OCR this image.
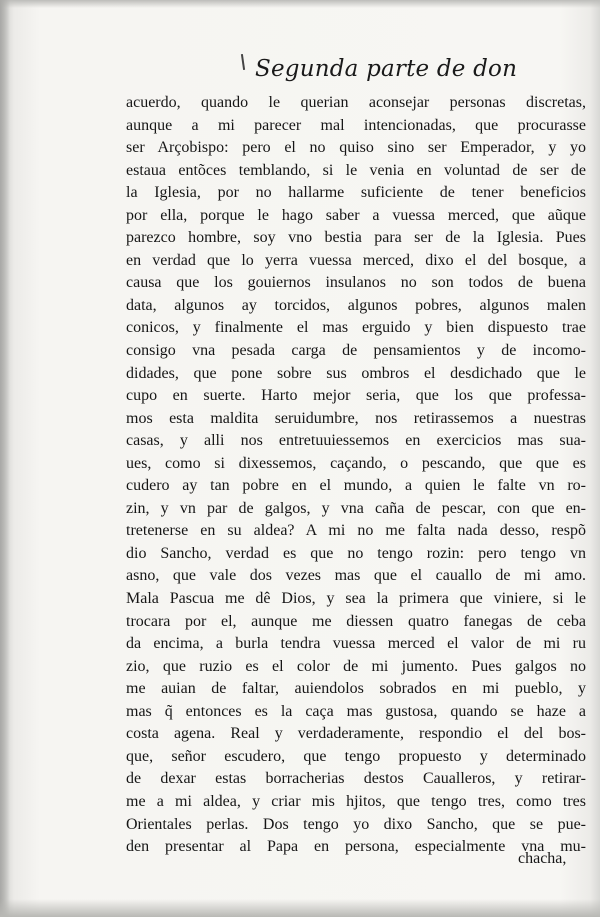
Segunda parte de don
acuerdo, quando le querian aconsejar personas discretas,
aunque a mi parecer mal intencionadas, que procurasse
ser Arçobispo: pero el no quiso sino ser Emperador, y yo
estaua entõces temblando, si le venia en voluntad de ser de
la Iglesia, por no hallarme suficiente de tener beneficios
por ella, porque le hago saber a vuessa merced, que aũque
parezco hombre, soy vno bestia para ser de la Iglesia. Pues
en verdad que lo yerra vuessa merced, dixo el del bosque, a
causa que los gouiernos insulanos no son todos de buena
data, algunos ay torcidos, algunos pobres, algunos malen
conicos, y finalmente el mas erguido y bien dispuesto trae
consigo vna pesada carga de pensamientos y de incomo-
didades, que pone sobre sus ombros el desdichado que le
cupo en suerte. Harto mejor seria, que los que professa-
mos esta maldita seruidumbre, nos retirassemos a nuestras
casas, y alli nos entretuuiessemos en exercicios mas sua-
ues, como si dixessemos, caçando, o pescando, que que es
cudero ay tan pobre en el mundo, a quien le falte vn ro-
zin, y vn par de galgos, y vna caña de pescar, con que en-
tretenerse en su aldea? A mi no me falta nada desso, respõ
dio Sancho, verdad es que no tengo rozin: pero tengo vn
asno, que vale dos vezes mas que el cauallo de mi amo.
Mala Pascua me dê Dios, y sea la primera que viniere, si le
trocara por el, aunque me diessen quatro fanegas de ceba
da encima, a burla tendra vuessa merced el valor de mi ru
zio, que ruzio es el color de mi jumento. Pues galgos no
me auian de faltar, auiendolos sobrados en mi pueblo, y
mas q̃ entonces es la caça mas gustosa, quando se haze a
costa agena. Real y verdaderamente, respondio el del bos-
que, señor escudero, que tengo propuesto y determinado
de dexar estas borracherias destos Caualleros, y retirar-
me a mi aldea, y criar mis hjitos, que tengo tres, como tres
Orientales perlas. Dos tengo yo dixo Sancho, que se pue-
den presentar al Papa en persona, especialmente vna mu-
chacha,
